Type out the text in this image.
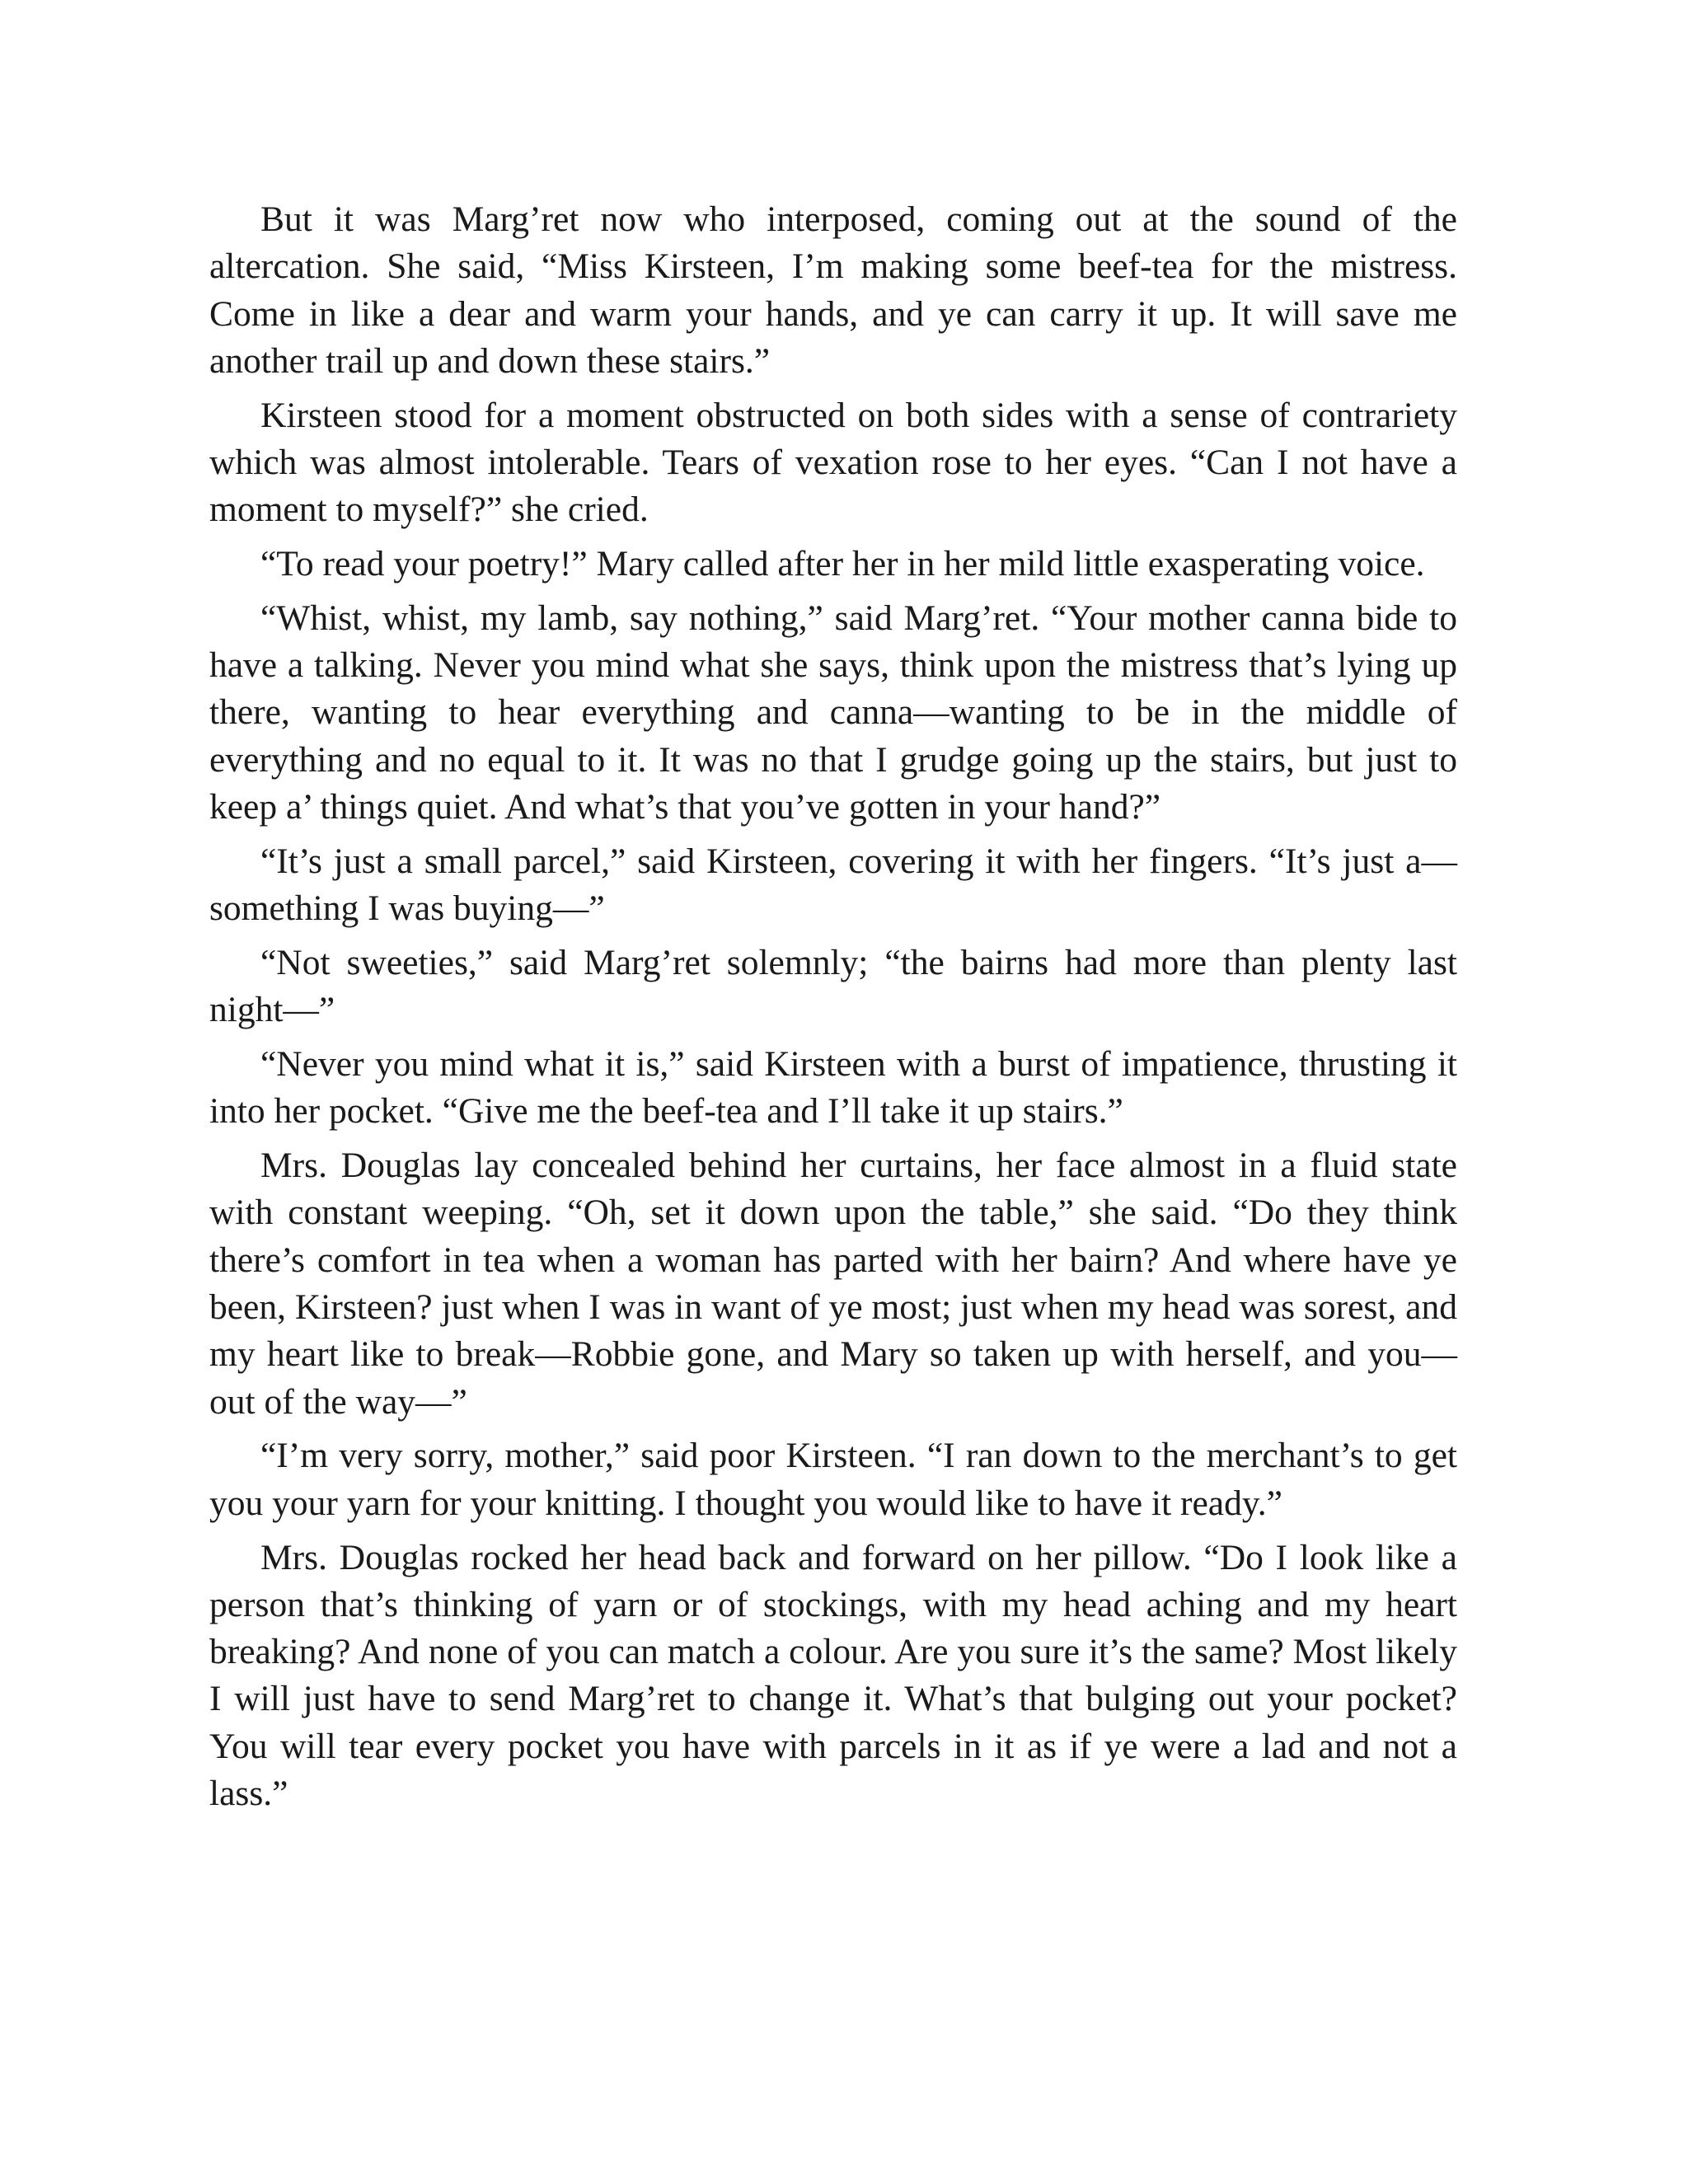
But it was Marg’ret now who interposed, coming out at the sound of the altercation. She said, “Miss Kirsteen, I’m making some beef-tea for the mistress. Come in like a dear and warm your hands, and ye can carry it up. It will save me another trail up and down these stairs.”

Kirsteen stood for a moment obstructed on both sides with a sense of contrariety which was almost intolerable. Tears of vexation rose to her eyes. “Can I not have a moment to myself?” she cried.

“To read your poetry!” Mary called after her in her mild little exasperating voice.

“Whist, whist, my lamb, say nothing,” said Marg’ret. “Your mother canna bide to have a talking. Never you mind what she says, think upon the mistress that’s lying up there, wanting to hear everything and canna—wanting to be in the middle of everything and no equal to it. It was no that I grudge going up the stairs, but just to keep a’ things quiet. And what’s that you’ve gotten in your hand?”

“It’s just a small parcel,” said Kirsteen, covering it with her fingers. “It’s just a—something I was buying—”

“Not sweeties,” said Marg’ret solemnly; “the bairns had more than plenty last night—”

“Never you mind what it is,” said Kirsteen with a burst of impatience, thrusting it into her pocket. “Give me the beef-tea and I’ll take it up stairs.”

Mrs. Douglas lay concealed behind her curtains, her face almost in a fluid state with constant weeping. “Oh, set it down upon the table,” she said. “Do they think there’s comfort in tea when a woman has parted with her bairn? And where have ye been, Kirsteen? just when I was in want of ye most; just when my head was sorest, and my heart like to break—Robbie gone, and Mary so taken up with herself, and you—out of the way—”

“I’m very sorry, mother,” said poor Kirsteen. “I ran down to the merchant’s to get you your yarn for your knitting. I thought you would like to have it ready.”

Mrs. Douglas rocked her head back and forward on her pillow. “Do I look like a person that’s thinking of yarn or of stockings, with my head aching and my heart breaking? And none of you can match a colour. Are you sure it’s the same? Most likely I will just have to send Marg’ret to change it. What’s that bulging out your pocket? You will tear every pocket you have with parcels in it as if ye were a lad and not a lass.”
